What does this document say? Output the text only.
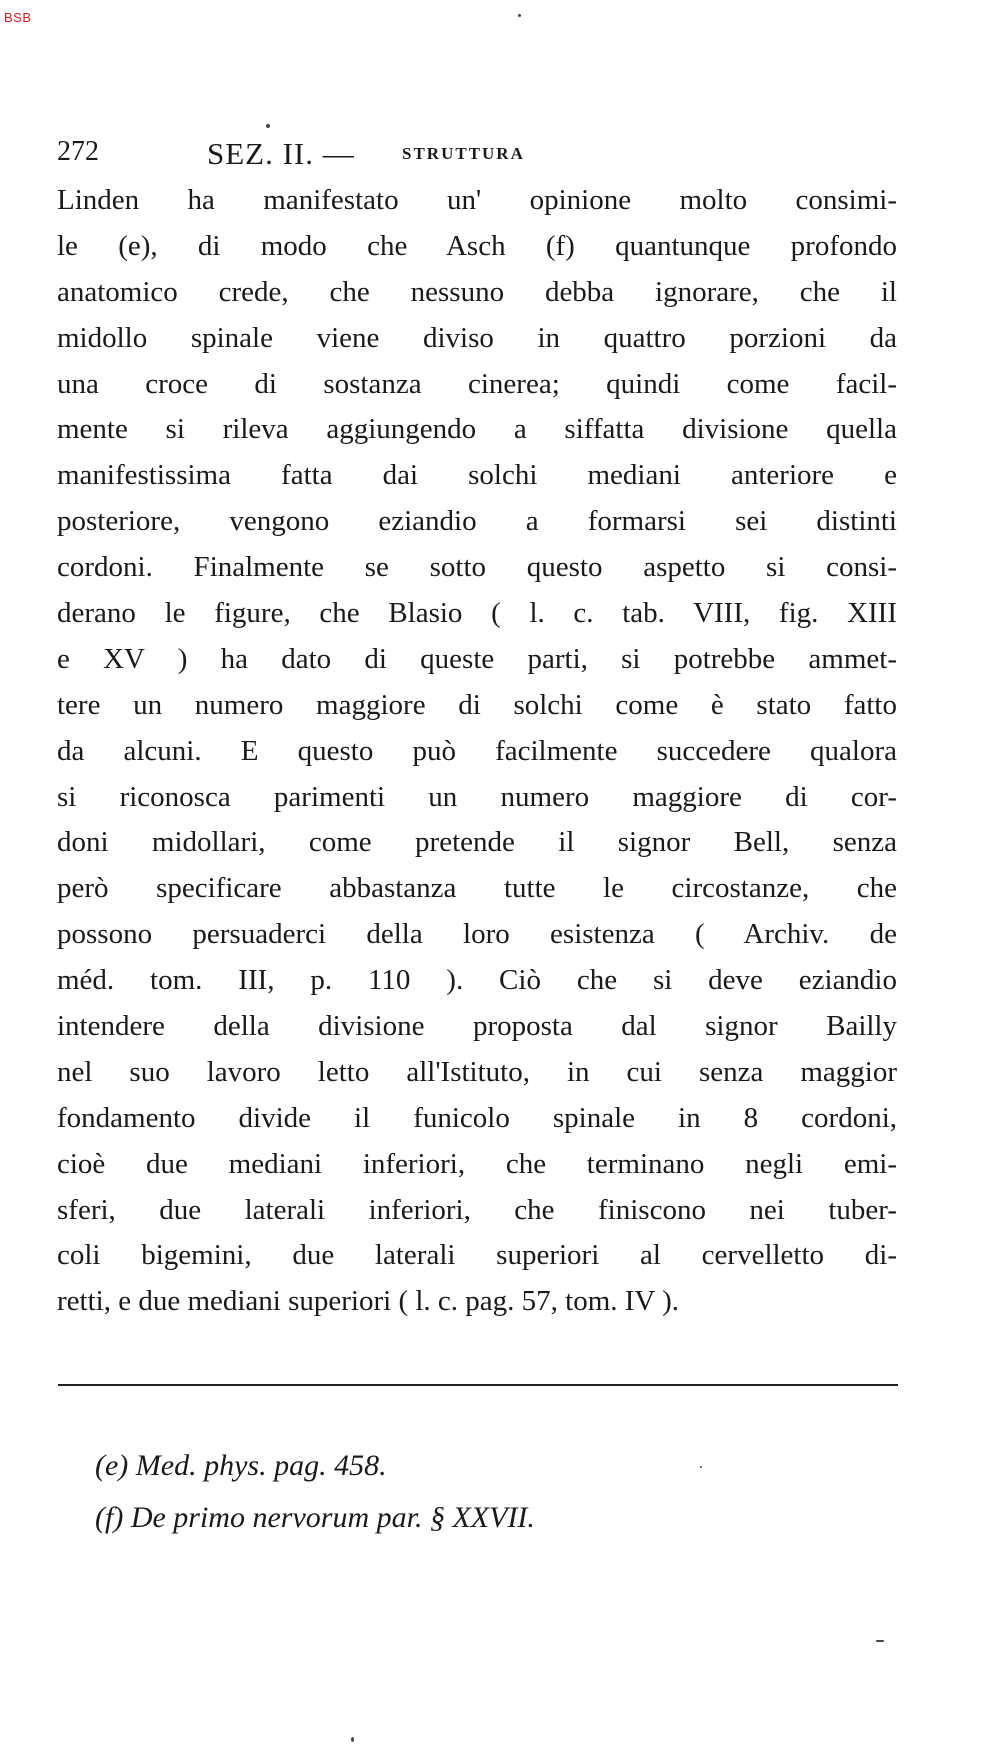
BSB
272	SEZ. II. —	STRUTTURA
Linden ha manifestato un' opinione molto consimi-
le (e), di modo che Asch (f) quantunque profondo
anatomico crede, che nessuno debba ignorare, che il
midollo spinale viene diviso in quattro porzioni da
una croce di sostanza cinerea; quindi come facil-
mente si rileva aggiungendo a siffatta divisione quella
manifestissima fatta dai solchi mediani anteriore e
posteriore, vengono eziandio a formarsi sei distinti
cordoni. Finalmente se sotto questo aspetto si consi-
derano le figure, che Blasio ( l. c. tab. VIII, fig. XIII
e XV ) ha dato di queste parti, si potrebbe ammet-
tere un numero maggiore di solchi come è stato fatto
da alcuni. E questo può facilmente succedere qualora
si riconosca parimenti un numero maggiore di cor-
doni midollari, come pretende il signor Bell, senza
però specificare abbastanza tutte le circostanze, che
possono persuaderci della loro esistenza ( Archiv. de
méd. tom. III, p. 110 ). Ciò che si deve eziandio
intendere della divisione proposta dal signor Bailly
nel suo lavoro letto all'Istituto, in cui senza maggior
fondamento divide il funicolo spinale in 8 cordoni,
cioè due mediani inferiori, che terminano negli emi-
sferi, due laterali inferiori, che finiscono nei tuber-
coli bigemini, due laterali superiori al cervelletto di-
retti, e due mediani superiori ( l. c. pag. 57, tom. IV ).
(e) Med. phys. pag. 458.
(f) De primo nervorum par. § XXVII.
